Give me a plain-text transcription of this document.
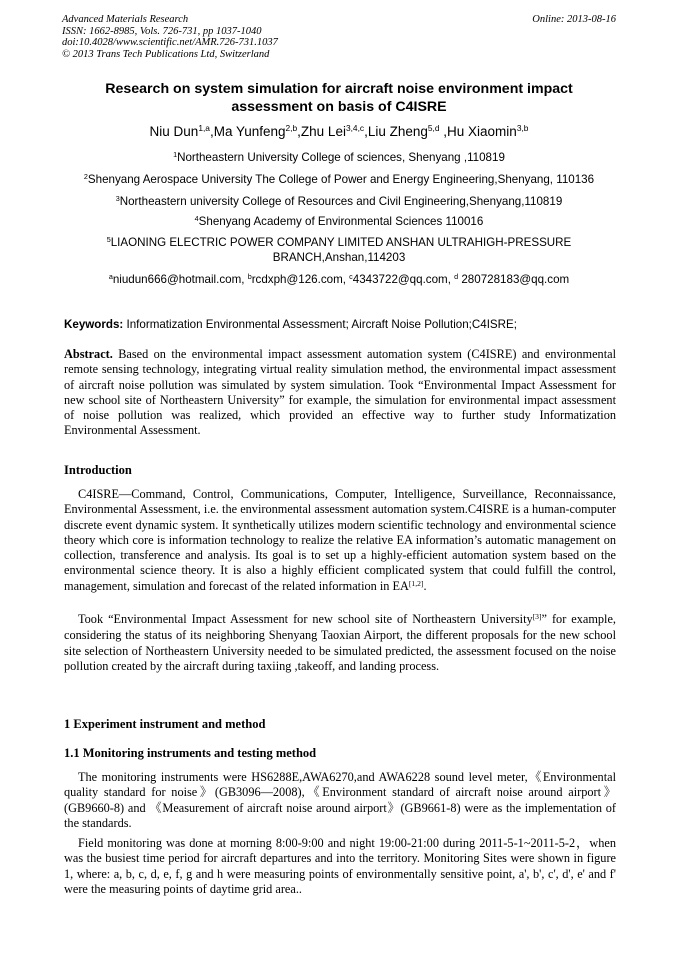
Advanced Materials Research
ISSN: 1662-8985, Vols. 726-731, pp 1037-1040
doi:10.4028/www.scientific.net/AMR.726-731.1037
© 2013 Trans Tech Publications Ltd, Switzerland
Online: 2013-08-16
Research on system simulation for aircraft noise environment impact
assessment on basis of C4ISRE
Niu Dun$^{1,a}$,Ma Yunfeng$^{2,b}$,Zhu Lei$^{3,4,c}$,Liu Zheng$^{5,d}$ ,Hu Xiaomin$^{3,b}$
$^1$Northeastern University College of sciences, Shenyang ,110819
$^2$Shenyang Aerospace University The College of Power and Energy Engineering,Shenyang, 110136
$^3$Northeastern university College of Resources and Civil Engineering,Shenyang,110819
$^4$Shenyang Academy of Environmental Sciences 110016
$^5$LIAONING ELECTRIC POWER COMPANY LIMITED ANSHAN ULTRAHIGH-PRESSURE
BRANCH,Anshan,114203
$^a$niudun666@hotmail.com, $^b$rcdxph@126.com, $^c$4343722@qq.com, $^d$ 280728183@qq.com
Keywords: Informatization Environmental Assessment; Aircraft Noise Pollution;C4ISRE;
Abstract. Based on the environmental impact assessment automation system (C4ISRE) and environmental remote sensing technology, integrating virtual reality simulation method, the environmental impact assessment of aircraft noise pollution was simulated by system simulation. Took “Environmental Impact Assessment for new school site of Northeastern University” for example, the simulation for environmental impact assessment of noise pollution was realized, which provided an effective way to further study Informatization Environmental Assessment.
Introduction
C4ISRE—Command, Control, Communications, Computer, Intelligence, Surveillance, Reconnaissance, Environmental Assessment, i.e. the environmental assessment automation system.C4ISRE is a human-computer discrete event dynamic system. It synthetically utilizes modern scientific technology and environmental science theory which core is information technology to realize the relative EA information’s automatic management on collection, transference and analysis. Its goal is to set up a highly-efficient automation system based on the environmental science theory. It is also a highly efficient complicated system that could fulfill the control, management, simulation and forecast of the related information in EA[1,2].
Took “Environmental Impact Assessment for new school site of Northeastern University[3]” for example, considering the status of its neighboring Shenyang Taoxian Airport, the different proposals for the new school site selection of Northeastern University needed to be simulated predicted, the assessment focused on the noise pollution created by the aircraft during taxiing ,takeoff, and landing process.
1 Experiment instrument and method
1.1 Monitoring instruments and testing method
The monitoring instruments were HS6288E,AWA6270,and AWA6228 sound level meter,《Environmental quality standard for noise》(GB3096—2008),《Environment standard of aircraft noise around airport》(GB9660-8) and 《Measurement of aircraft noise around airport》(GB9661-8) were as the implementation of the standards.
Field monitoring was done at morning 8:00-9:00 and night 19:00-21:00 during 2011-5-1~2011-5-2，when was the busiest time period for aircraft departures and into the territory. Monitoring Sites were shown in figure 1, where: a, b, c, d, e, f, g and h were measuring points of environmentally sensitive point, a', b', c', d', e' and f' were the measuring points of daytime grid area..
